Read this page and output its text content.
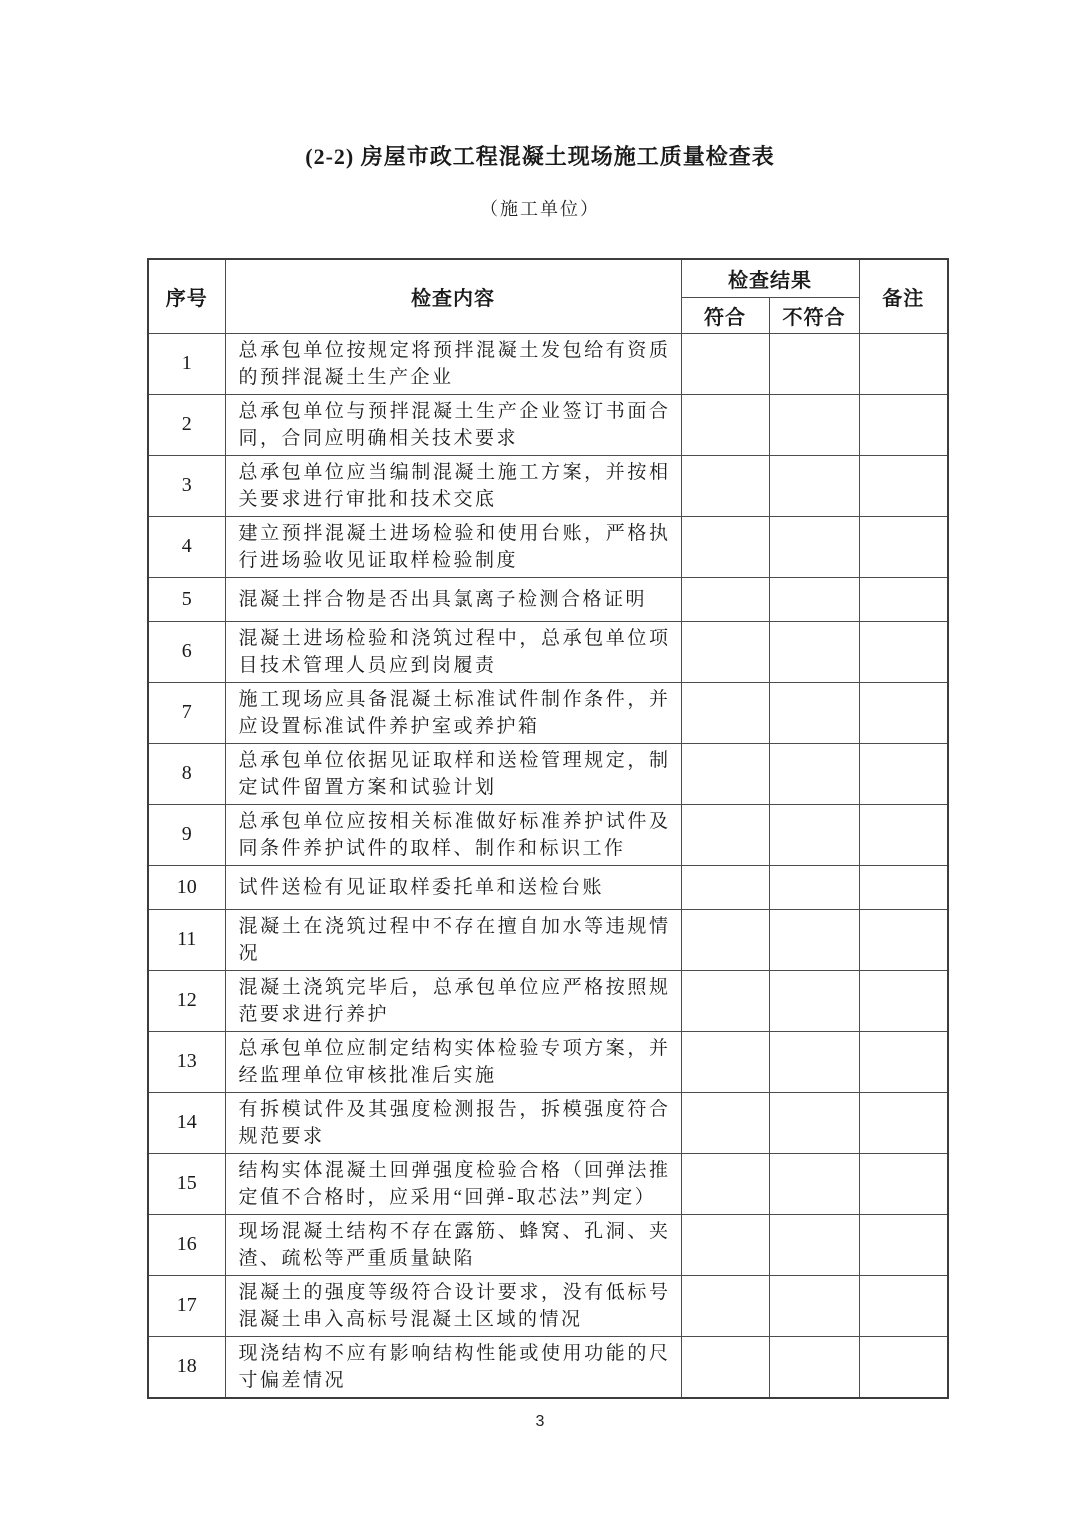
(2-2) 房屋市政工程混凝土现场施工质量检查表
（施工单位）
序号	检查内容	检查结果		备注
		符合	不符合	
1	总承包单位按规定将预拌混凝土发包给有资质的预拌混凝土生产企业			
2	总承包单位与预拌混凝土生产企业签订书面合同，合同应明确相关技术要求			
3	总承包单位应当编制混凝土施工方案，并按相关要求进行审批和技术交底			
4	建立预拌混凝土进场检验和使用台账，严格执行进场验收见证取样检验制度			
5	混凝土拌合物是否出具氯离子检测合格证明			
6	混凝土进场检验和浇筑过程中，总承包单位项目技术管理人员应到岗履责			
7	施工现场应具备混凝土标准试件制作条件，并应设置标准试件养护室或养护箱			
8	总承包单位依据见证取样和送检管理规定，制定试件留置方案和试验计划			
9	总承包单位应按相关标准做好标准养护试件及同条件养护试件的取样、制作和标识工作			
10	试件送检有见证取样委托单和送检台账			
11	混凝土在浇筑过程中不存在擅自加水等违规情况			
12	混凝土浇筑完毕后，总承包单位应严格按照规范要求进行养护			
13	总承包单位应制定结构实体检验专项方案，并经监理单位审核批准后实施			
14	有拆模试件及其强度检测报告，拆模强度符合规范要求			
15	结构实体混凝土回弹强度检验合格（回弹法推定值不合格时，应采用“回弹-取芯法”判定）			
16	现场混凝土结构不存在露筋、蜂窝、孔洞、夹渣、疏松等严重质量缺陷			
17	混凝土的强度等级符合设计要求，没有低标号混凝土串入高标号混凝土区域的情况			
18	现浇结构不应有影响结构性能或使用功能的尺寸偏差情况			
3
